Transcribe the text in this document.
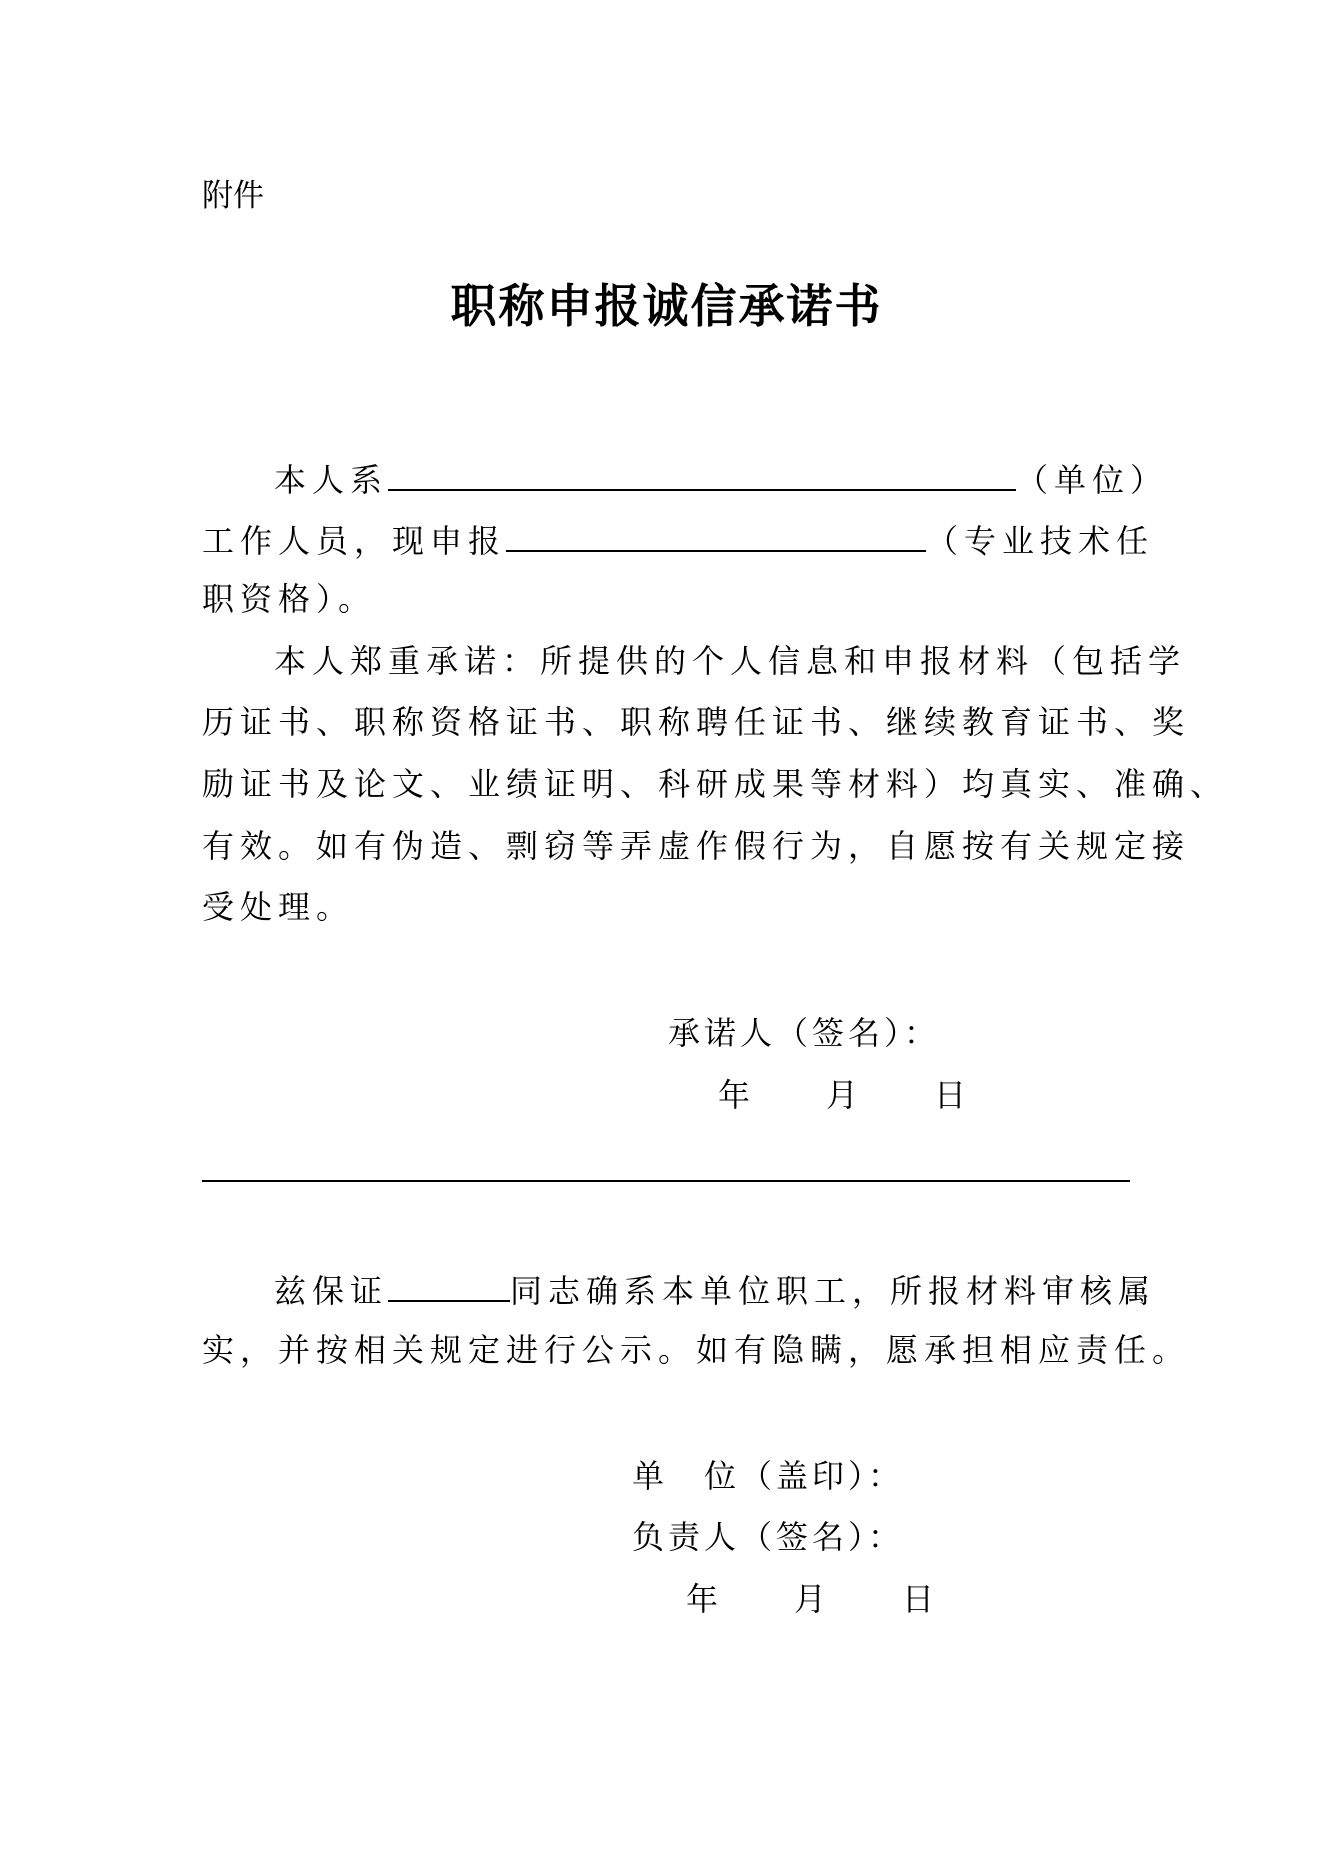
附件
职称申报诚信承诺书
本人系	（单位）
工作人员，现申报	（专业技术任
职资格）。
本人郑重承诺：所提供的个人信息和申报材料（包括学
历证书、职称资格证书、职称聘任证书、继续教育证书、奖
励证书及论文、业绩证明、科研成果等材料）均真实、准确、
有效。如有伪造、剽窃等弄虚作假行为，自愿按有关规定接
受处理。
承诺人（签名）：
年 月 日
兹保证	同志确系本单位职工，所报材料审核属
实，并按相关规定进行公示。如有隐瞒，愿承担相应责任。
单　位（盖印）：
负责人（签名）：
年 月 日
